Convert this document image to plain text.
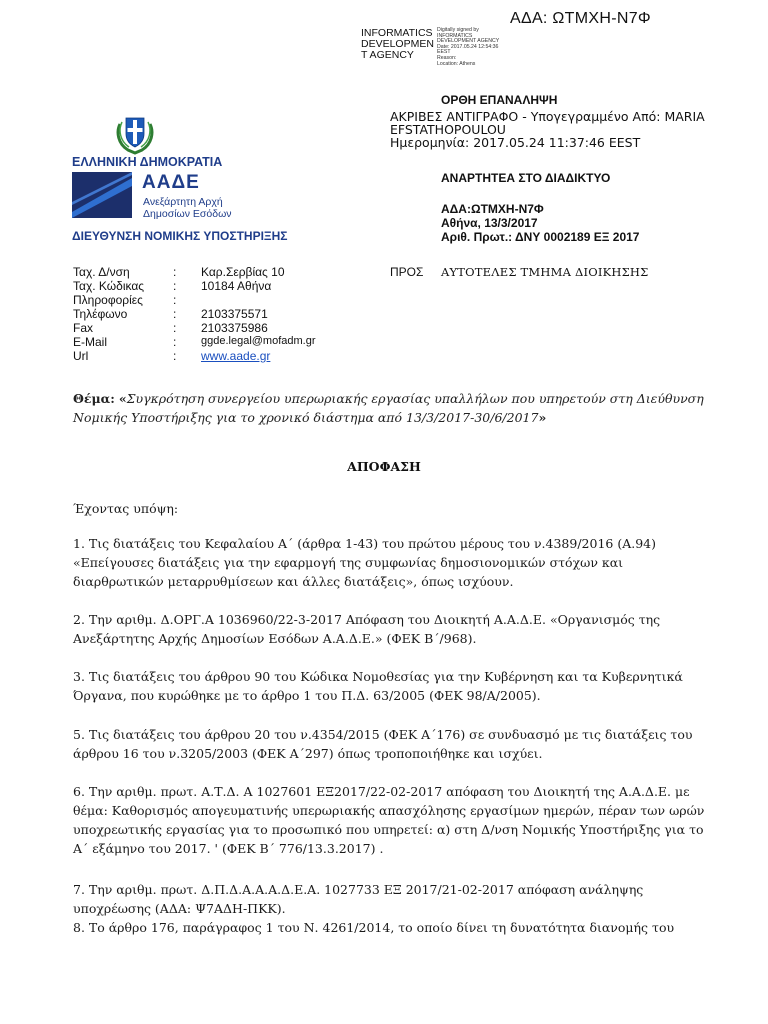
ΑΔΑ: ΩΤΜΧΗ-Ν7Φ
INFORMATICS
DEVELOPMEN
T AGENCY
Digitally signed by
INFORMATICS
DEVELOPMENT AGENCY
Date: 2017.05.24 12:54:36
EEST
Reason:
Location: Athens
ΟΡΘΗ ΕΠΑΝΑΛΗΨΗ
ΑΚΡΙΒΕΣ ΑΝΤΙΓΡΑΦΟ - Υπογεγραμμένο Από: MARIA
EFSTATHOPOULOU
Ημερομηνία: 2017.05.24 11:37:46 EEST
ΕΛΛΗΝΙΚΗ ΔΗΜΟΚΡΑΤΙΑ
ΑΑΔΕ
Ανεξάρτητη Αρχή
Δημοσίων Εσόδων
ΔΙΕΥΘΥΝΣΗ ΝΟΜΙΚΗΣ ΥΠΟΣΤΗΡΙΞΗΣ
ΑΝΑΡΤΗΤΕΑ ΣΤΟ ΔΙΑΔΙΚΤΥΟ
ΑΔΑ:ΩΤΜΧΗ-Ν7Φ
Αθήνα, 13/3/2017
Αριθ. Πρωτ.: ΔΝΥ 0002189 ΕΞ 2017
Ταχ. Δ/νση	: Καρ.Σερβίας 10
Ταχ. Κώδικας : 10184 Αθήνα
Πληροφορίες	:
Τηλέφωνο	: 2103375571
Fax	: 2103375986
E-Mail	: ggde.legal@mofadm.gr
Url	: www.aade.gr
ΠΡΟΣ ΑΥΤΟΤΕΛΕΣ ΤΜΗΜΑ ΔΙΟΙΚΗΣΗΣ
Θέμα: «Συγκρότηση συνεργείου υπερωριακής εργασίας υπαλλήλων που υπηρετούν στη Διεύθυνση Νομικής Υποστήριξης για το χρονικό διάστημα από 13/3/2017-30/6/2017»
ΑΠΟΦΑΣΗ
Έχοντας υπόψη:
1. Τις διατάξεις του Κεφαλαίου Α΄ (άρθρα 1-43) του πρώτου μέρους του ν.4389/2016 (Α.94) «Επείγουσες διατάξεις για την εφαρμογή της συμφωνίας δημοσιονομικών στόχων και διαρθρωτικών μεταρρυθμίσεων και άλλες διατάξεις», όπως ισχύουν.
2. Την αριθμ. Δ.ΟΡΓ.Α 1036960/22-3-2017 Απόφαση του Διοικητή Α.Α.Δ.Ε. «Οργανισμός της Ανεξάρτητης Αρχής Δημοσίων Εσόδων Α.Α.Δ.Ε.» (ΦΕΚ Β΄/968).
3. Τις διατάξεις του άρθρου 90 του Κώδικα Νομοθεσίας για την Κυβέρνηση και τα Κυβερνητικά Όργανα, που κυρώθηκε με το άρθρο 1 του Π.Δ. 63/2005 (ΦΕΚ 98/Α/2005).
5. Τις διατάξεις του άρθρου 20 του ν.4354/2015 (ΦΕΚ Α΄176) σε συνδυασμό με τις διατάξεις του άρθρου 16 του ν.3205/2003 (ΦΕΚ Α΄297) όπως τροποποιήθηκε και ισχύει.
6. Την αριθμ. πρωτ. Α.Τ.Δ. Α 1027601 ΕΞ2017/22-02-2017 απόφαση του Διοικητή της Α.Α.Δ.Ε. με θέμα: Καθορισμός απογευματινής υπερωριακής απασχόλησης εργασίμων ημερών, πέραν των ωρών υποχρεωτικής εργασίας για το προσωπικό που υπηρετεί: α) στη Δ/νση Νομικής Υποστήριξης για το Α΄ εξάμηνο του 2017. ' (ΦΕΚ Β΄ 776/13.3.2017) .
7. Την αριθμ. πρωτ. Δ.Π.Δ.Α.Α.Α.Δ.Ε.Α. 1027733 ΕΞ 2017/21-02-2017 απόφαση ανάληψης υποχρέωσης (ΑΔΑ: Ψ7ΑΔΗ-ΠΚΚ).
8. Το άρθρο 176, παράγραφος 1 του Ν. 4261/2014, το οποίο δίνει τη δυνατότητα διανομής του
